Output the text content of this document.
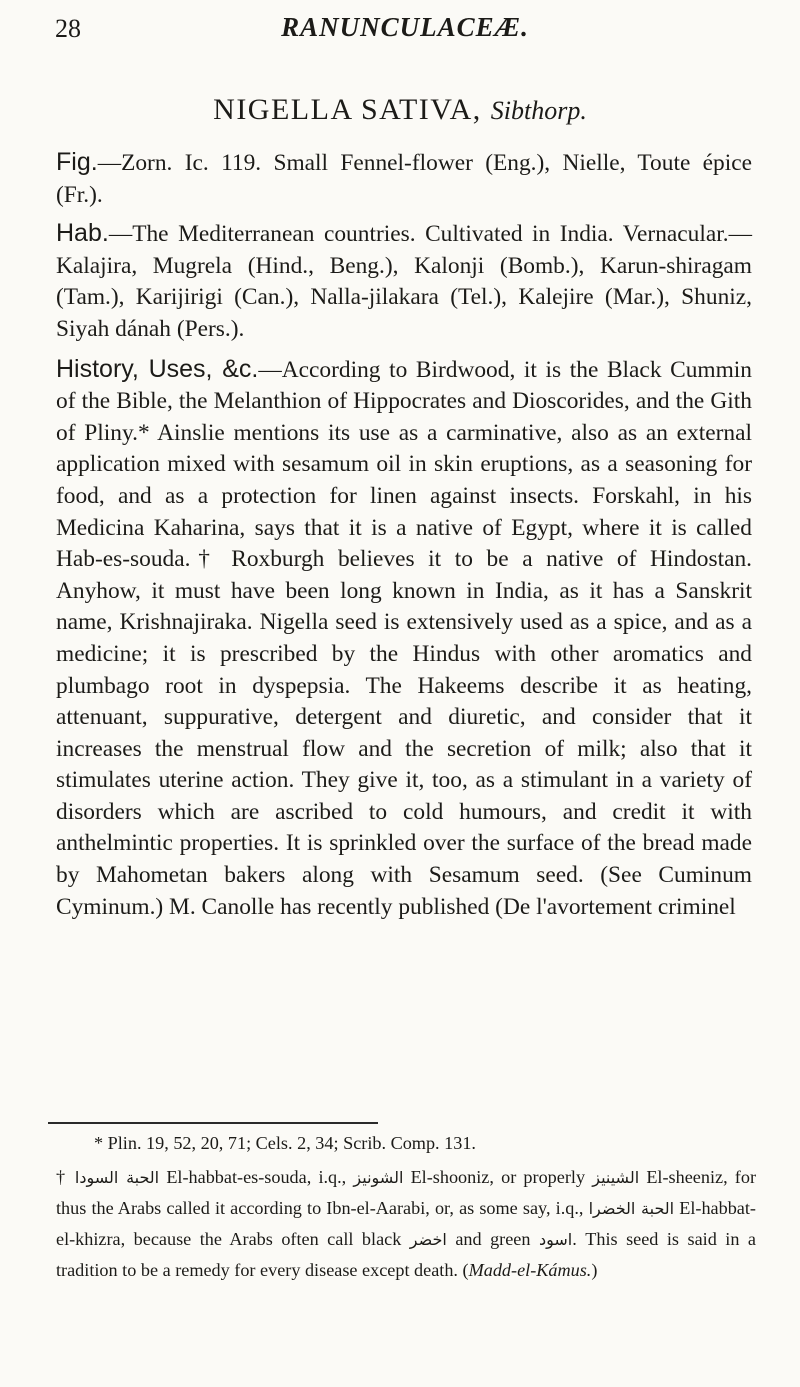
28	RANUNCULACEÆ.
NIGELLA SATIVA, Sibthorp.

Fig.—Zorn. Ic. 119. Small Fennel-flower (Eng.), Nielle, Toute épice (Fr.).

Hab.—The Mediterranean countries. Cultivated in India. Vernacular.—Kalajira, Mugrela (Hind., Beng.), Kalonji (Bomb.), Karun-shiragam (Tam.), Karijirigi (Can.), Nalla-jilakara (Tel.), Kalejire (Mar.), Shuniz, Siyah dánah (Pers.).

History, Uses, &c.—According to Birdwood, it is the Black Cummin of the Bible, the Melanthion of Hippocrates and Dioscorides, and the Gith of Pliny.* Ainslie mentions its use as a carminative, also as an external application mixed with sesamum oil in skin eruptions, as a seasoning for food, and as a protection for linen against insects. Forskahl, in his Medicina Kaharina, says that it is a native of Egypt, where it is called Hab-es-souda.† Roxburgh believes it to be a native of Hindostan. Anyhow, it must have been long known in India, as it has a Sanskrit name, Krishnajiraka. Nigella seed is extensively used as a spice, and as a medicine; it is prescribed by the Hindus with other aromatics and plumbago root in dyspepsia. The Hakeems describe it as heating, attenuant, suppurative, detergent and diuretic, and consider that it increases the menstrual flow and the secretion of milk; also that it stimulates uterine action. They give it, too, as a stimulant in a variety of disorders which are ascribed to cold humours, and credit it with anthelmintic properties. It is sprinkled over the surface of the bread made by Mahometan bakers along with Sesamum seed. (See Cuminum Cyminum.) M. Canolle has recently published (De l'avortement criminel

* Plin. 19, 52, 20, 71; Cels. 2, 34; Scrib. Comp. 131.
† الحبة السودا El-habbat-es-souda, i.q., الشونيز El-shooniz, or properly الشينيز El-sheeniz, for thus the Arabs called it according to Ibn-el-Aarabi, or, as some say, i.q., الحبة الخضرا El-habbat-el-khizra, because the Arabs often call black اخضر and green اسود. This seed is said in a tradition to be a remedy for every disease except death. (Madd-el-Kámus.)
